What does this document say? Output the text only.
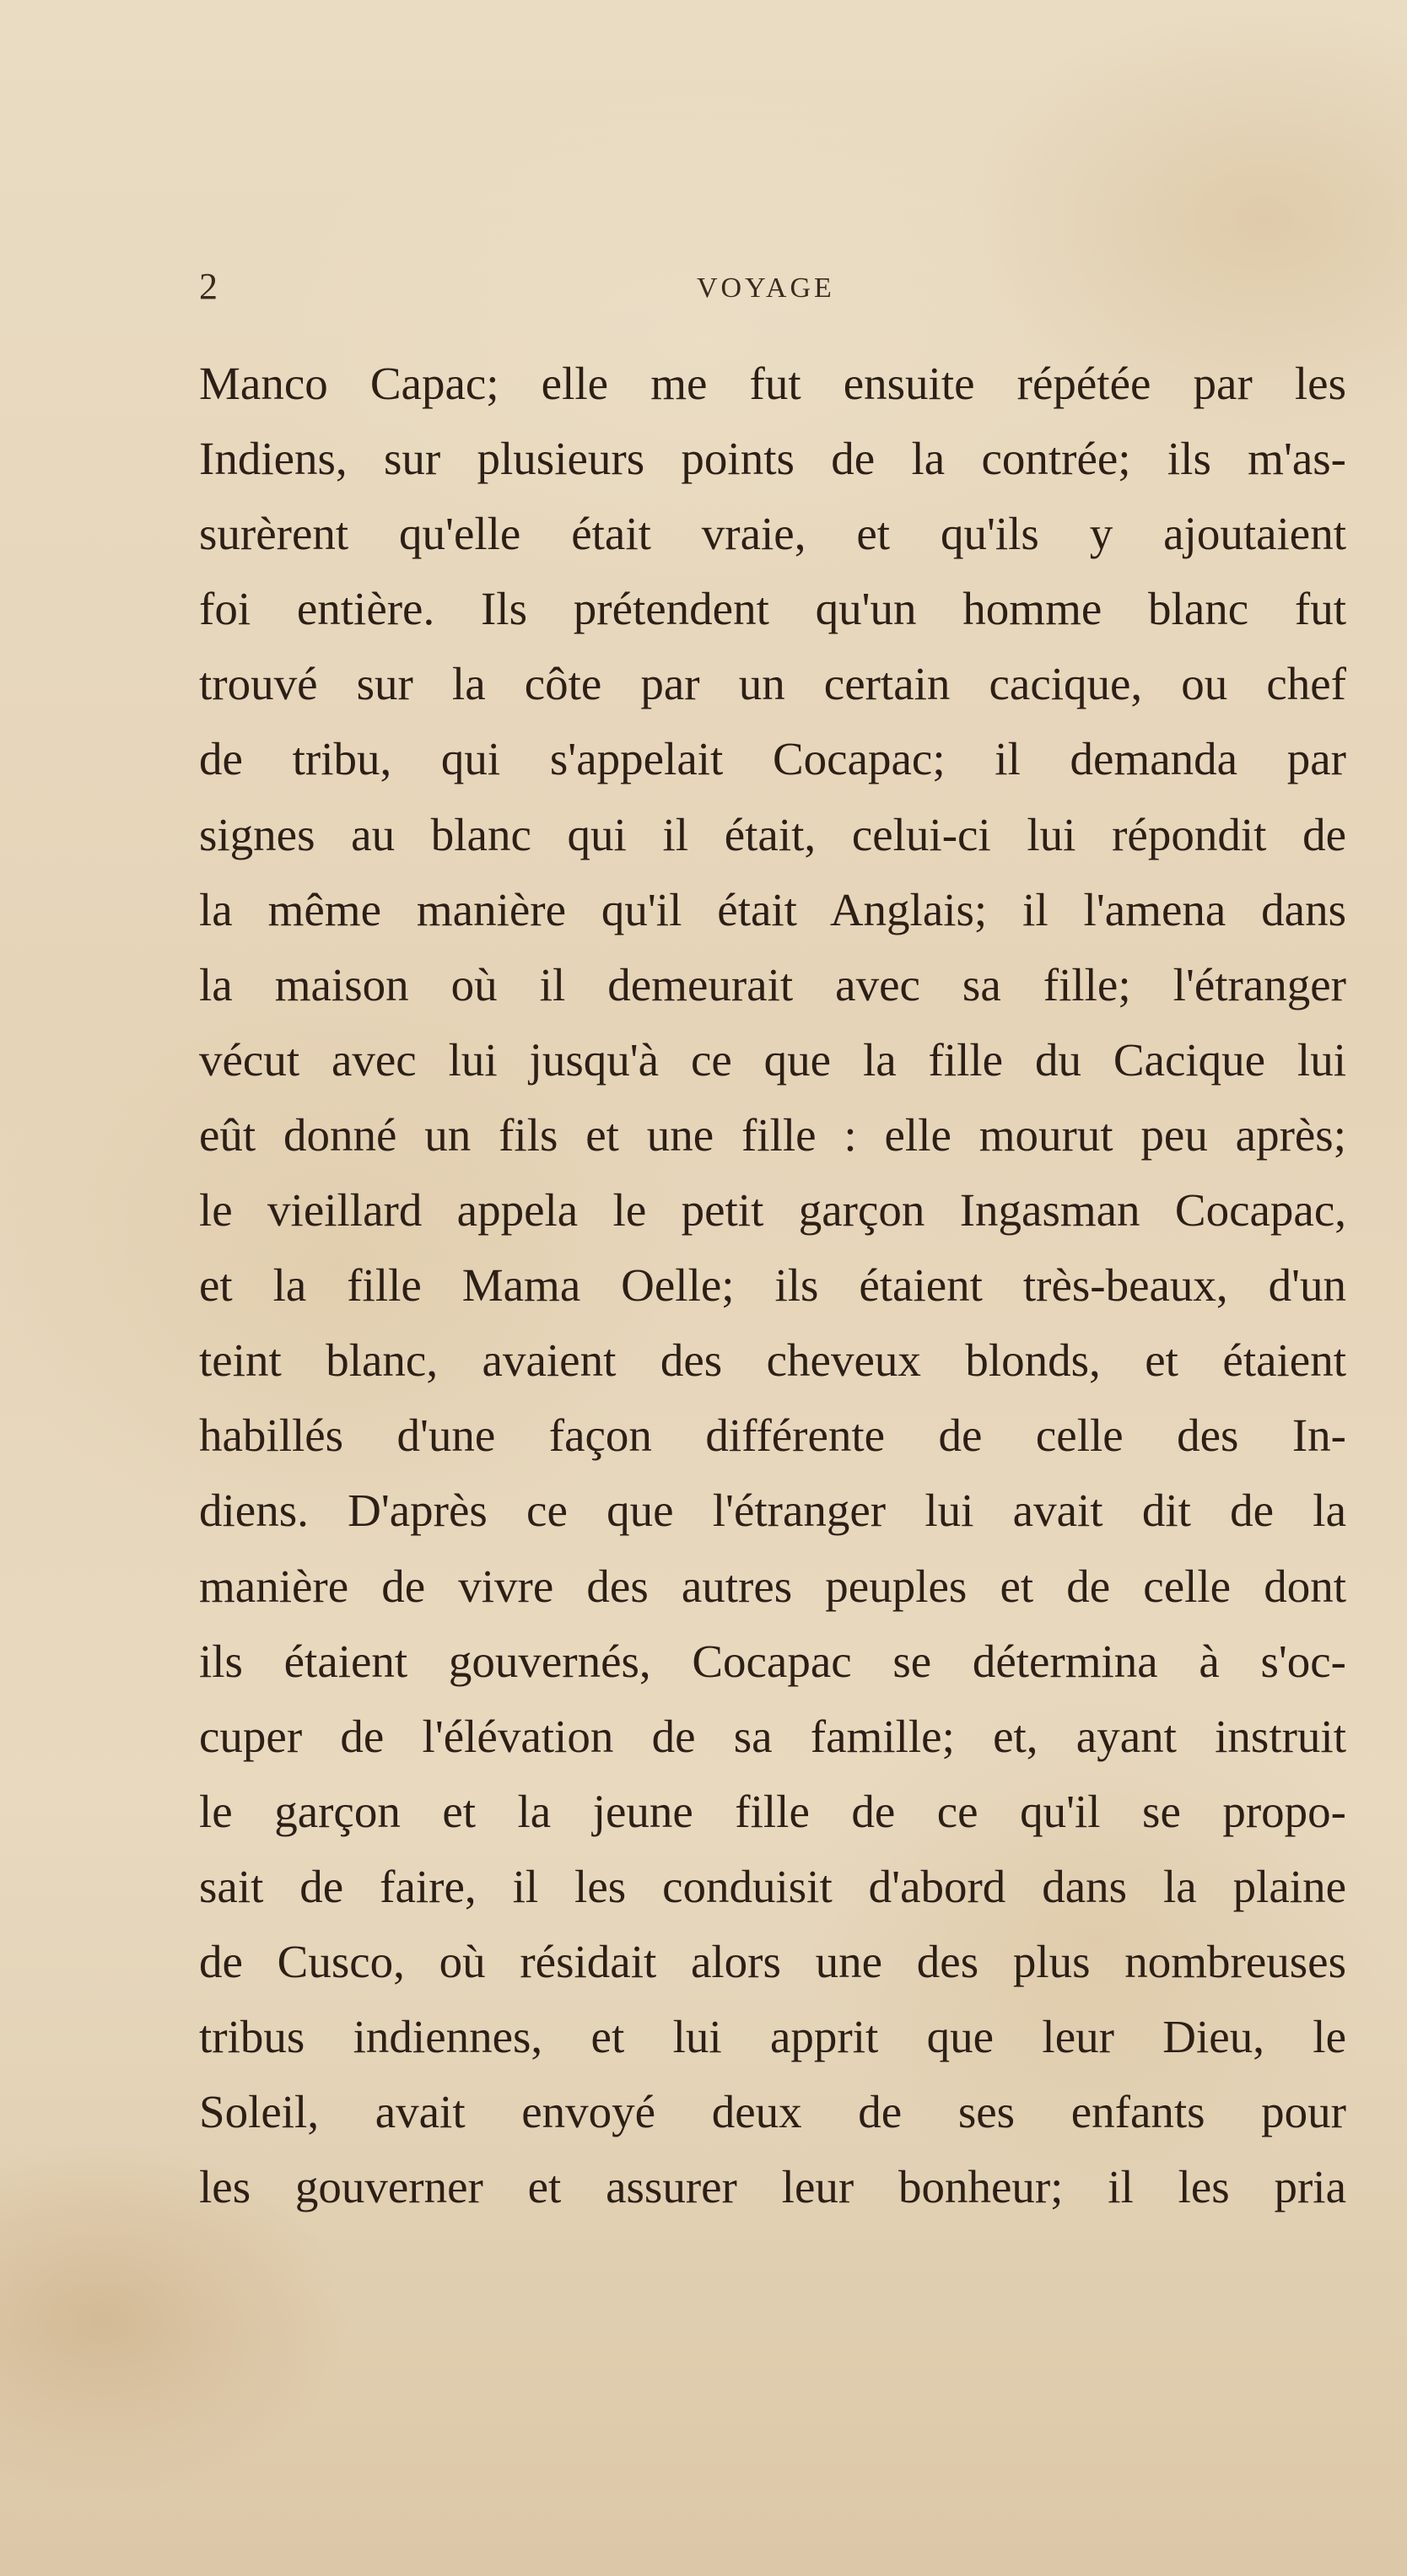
2	VOYAGE
Manco Capac; elle me fut ensuite répétée par les
Indiens, sur plusieurs points de la contrée; ils m'as-
surèrent qu'elle était vraie, et qu'ils y ajoutaient
foi entière. Ils prétendent qu'un homme blanc fut
trouvé sur la côte par un certain cacique, ou chef
de tribu, qui s'appelait Cocapac; il demanda par
signes au blanc qui il était, celui-ci lui répondit de
la même manière qu'il était Anglais; il l'amena dans
la maison où il demeurait avec sa fille; l'étranger
vécut avec lui jusqu'à ce que la fille du Cacique lui
eût donné un fils et une fille : elle mourut peu après;
le vieillard appela le petit garçon Ingasman Cocapac,
et la fille Mama Oelle; ils étaient très-beaux, d'un
teint blanc, avaient des cheveux blonds, et étaient
habillés d'une façon différente de celle des In-
diens. D'après ce que l'étranger lui avait dit de la
manière de vivre des autres peuples et de celle dont
ils étaient gouvernés, Cocapac se détermina à s'oc-
cuper de l'élévation de sa famille; et, ayant instruit
le garçon et la jeune fille de ce qu'il se propo-
sait de faire, il les conduisit d'abord dans la plaine
de Cusco, où résidait alors une des plus nombreuses
tribus indiennes, et lui apprit que leur Dieu, le
Soleil, avait envoyé deux de ses enfants pour
les gouverner et assurer leur bonheur; il les pria
